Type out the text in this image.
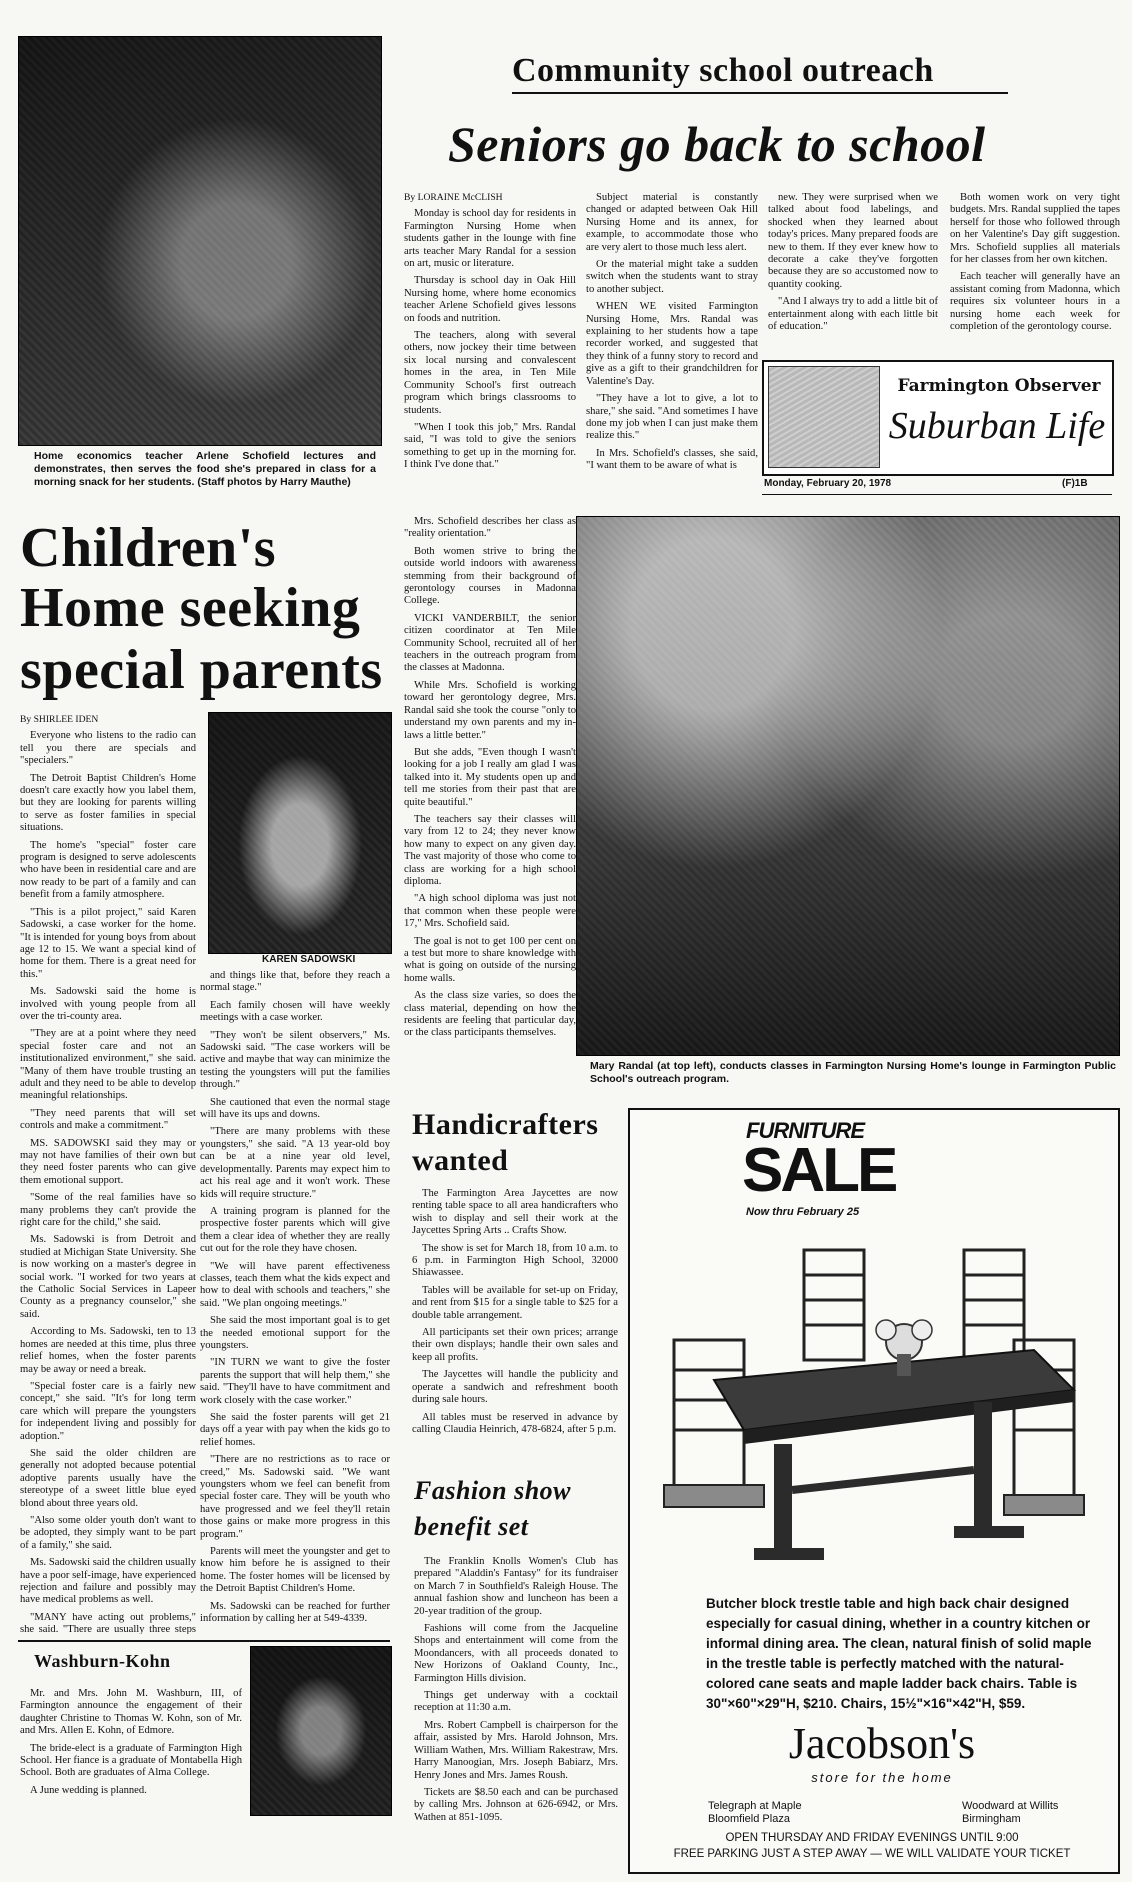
Home economics teacher Arlene Schofield lectures and demonstrates, then serves the food she's prepared in class for a morning snack for her students. (Staff photos by Harry Mauthe)
Community school outreach
Seniors go back to school

By LORAINE McCLISH

Monday is school day for residents in Farmington Nursing Home when students gather in the lounge with fine arts teacher Mary Randal for a session on art, music or literature.

Thursday is school day in Oak Hill Nursing home, where home economics teacher Arlene Schofield gives lessons on foods and nutrition.

The teachers, along with several others, now jockey their time between six local nursing and convalescent homes in the area, in Ten Mile Community School's first outreach program which brings classrooms to students.

"When I took this job," Mrs. Randal said, "I was told to give the seniors something to get up in the morning for. I think I've done that."

Subject material is constantly changed or adapted between Oak Hill Nursing Home and its annex, for example, to accommodate those who are very alert to those much less alert.

Or the material might take a sudden switch when the students want to stray to another subject.

WHEN WE visited Farmington Nursing Home, Mrs. Randal was explaining to her students how a tape recorder worked, and suggested that they think of a funny story to record and give as a gift to their grandchildren for Valentine's Day.

"They have a lot to give, a lot to share," she said. "And sometimes I have done my job when I can just make them realize this."

In Mrs. Schofield's classes, she said, "I want them to be aware of what is

new. They were surprised when we talked about food labelings, and shocked when they learned about today's prices. Many prepared foods are new to them. If they ever knew how to decorate a cake they've forgotten because they are so accustomed now to quantity cooking.

"And I always try to add a little bit of entertainment along with each little bit of education."

Both women work on very tight budgets. Mrs. Randal supplied the tapes herself for those who followed through on her Valentine's Day gift suggestion. Mrs. Schofield supplies all materials for her classes from her own kitchen.

Each teacher will generally have an assistant coming from Madonna, which requires six volunteer hours in a nursing home each week for completion of the gerontology course.

Farmington Observer
Suburban Life
Monday, February 20, 1978	(F)1B
Children's
Home seeking
special parents

Mrs. Schofield describes her class as "reality orientation."

Both women strive to bring the outside world indoors with awareness stemming from their background of gerontology courses in Madonna College.

VICKI VANDERBILT, the senior citizen coordinator at Ten Mile Community School, recruited all of her teachers in the outreach program from the classes at Madonna.

While Mrs. Schofield is working toward her gerontology degree, Mrs. Randal said she took the course "only to understand my own parents and my in-laws a little better."

But she adds, "Even though I wasn't looking for a job I really am glad I was talked into it. My students open up and tell me stories from their past that are quite beautiful."

The teachers say their classes will vary from 12 to 24; they never know how many to expect on any given day. The vast majority of those who come to class are working for a high school diploma.

"A high school diploma was just not that common when these people were 17," Mrs. Schofield said.

The goal is not to get 100 per cent on a test but more to share knowledge with what is going on outside of the nursing home walls.

As the class size varies, so does the class material, depending on how the residents are feeling that particular day, or the class participants themselves.

Mary Randal (at top left), conducts classes in Farmington Nursing Home's lounge in Farmington Public School's outreach program.

By SHIRLEE IDEN

Everyone who listens to the radio can tell you there are specials and "specialers."

The Detroit Baptist Children's Home doesn't care exactly how you label them, but they are looking for parents willing to serve as foster families in special situations.

The home's "special" foster care program is designed to serve adolescents who have been in residential care and are now ready to be part of a family and can benefit from a family atmosphere.

"This is a pilot project," said Karen Sadowski, a case worker for the home. "It is intended for young boys from about age 12 to 15. We want a special kind of home for them. There is a great need for this."

Ms. Sadowski said the home is involved with young people from all over the tri-county area.

"They are at a point where they need special foster care and not an institutionalized environment," she said. "Many of them have trouble trusting an adult and they need to be able to develop meaningful relationships.

"They need parents that will set controls and make a commitment."

MS. SADOWSKI said they may or may not have families of their own but they need foster parents who can give them emotional support.

"Some of the real families have so many problems they can't provide the right care for the child," she said.

Ms. Sadowski is from Detroit and studied at Michigan State University. She is now working on a master's degree in social work. "I worked for two years at the Catholic Social Services in Lapeer County as a pregnancy counselor," she said.

According to Ms. Sadowski, ten to 13 homes are needed at this time, plus three relief homes, when the foster parents may be away or need a break.

"Special foster care is a fairly new concept," she said. "It's for long term care which will prepare the youngsters for independent living and possibly for adoption."

She said the older children are generally not adopted because potential adoptive parents usually have the stereotype of a sweet little blue eyed blond about three years old.

"Also some older youth don't want to be adopted, they simply want to be part of a family," she said.

Ms. Sadowski said the children usually have a poor self-image, have experienced rejection and failure and possibly may have medical problems as well.

"MANY have acting out problems," she said. "There are usually three steps

KAREN SADOWSKI

and things like that, before they reach a normal stage."

Each family chosen will have weekly meetings with a case worker.

"They won't be silent observers," Ms. Sadowski said. "The case workers will be active and maybe that way can minimize the testing the youngsters will put the families through."

She cautioned that even the normal stage will have its ups and downs.

"There are many problems with these youngsters," she said. "A 13 year-old boy can be at a nine year old level, developmentally. Parents may expect him to act his real age and it won't work. These kids will require structure."

A training program is planned for the prospective foster parents which will give them a clear idea of whether they are really cut out for the role they have chosen.

"We will have parent effectiveness classes, teach them what the kids expect and how to deal with schools and teachers," she said. "We plan ongoing meetings."

She said the most important goal is to get the needed emotional support for the youngsters.

"IN TURN we want to give the foster parents the support that will help them," she said. "They'll have to have commitment and work closely with the case worker."

She said the foster parents will get 21 days off a year with pay when the kids go to relief homes.

"There are no restrictions as to race or creed," Ms. Sadowski said. "We want youngsters whom we feel can benefit from special foster care. They will be youth who have progressed and we feel they'll retain those gains or make more progress in this program."

Parents will meet the youngster and get to know him before he is assigned to their home. The foster homes will be licensed by the Detroit Baptist Children's Home.

Ms. Sadowski can be reached for further information by calling her at 549-4339.

Washburn-Kohn

Mr. and Mrs. John M. Washburn, III, of Farmington announce the engagement of their daughter Christine to Thomas W. Kohn, son of Mr. and Mrs. Allen E. Kohn, of Edmore.

The bride-elect is a graduate of Farmington High School. Her fiance is a graduate of Montabella High School. Both are graduates of Alma College.

A June wedding is planned.

Handicrafters
wanted

The Farmington Area Jaycettes are now renting table space to all area handicrafters who wish to display and sell their work at the Jaycettes Spring Arts .. Crafts Show.

The show is set for March 18, from 10 a.m. to 6 p.m. in Farmington High School, 32000 Shiawassee.

Tables will be available for set-up on Friday, and rent from $15 for a single table to $25 for a double table arrangement.

All participants set their own prices; arrange their own displays; handle their own sales and keep all profits.

The Jaycettes will handle the publicity and operate a sandwich and refreshment booth during sale hours.

All tables must be reserved in advance by calling Claudia Heinrich, 478-6824, after 5 p.m.

Fashion show
benefit set

The Franklin Knolls Women's Club has prepared "Aladdin's Fantasy" for its fundraiser on March 7 in Southfield's Raleigh House. The annual fashion show and luncheon has been a 20-year tradition of the group.

Fashions will come from the Jacqueline Shops and entertainment will come from the Moondancers, with all proceeds donated to New Horizons of Oakland County, Inc., Farmington Hills division.

Things get underway with a cocktail reception at 11:30 a.m.

Mrs. Robert Campbell is chairperson for the affair, assisted by Mrs. Harold Johnson, Mrs. William Wathen, Mrs. William Rakestraw, Mrs. Harry Manoogian, Mrs. Joseph Babiarz, Mrs. Henry Jones and Mrs. James Roush.

Tickets are $8.50 each and can be purchased by calling Mrs. Johnson at 626-6942, or Mrs. Wathen at 851-1095.

FURNITURE
SALE
Now thru February 25
Butcher block trestle table and high back chair designed especially for casual dining, whether in a country kitchen or informal dining area. The clean, natural finish of solid maple in the trestle table is perfectly matched with the natural-colored cane seats and maple ladder back chairs. Table is 30"×60"×29"H, $210. Chairs, 15½"×16"×42"H, $59.
Jacobson's
store for the home
Telegraph at Maple
Bloomfield Plaza
Woodward at Willits
Birmingham
OPEN THURSDAY AND FRIDAY EVENINGS UNTIL 9:00
FREE PARKING JUST A STEP AWAY — WE WILL VALIDATE YOUR TICKET
